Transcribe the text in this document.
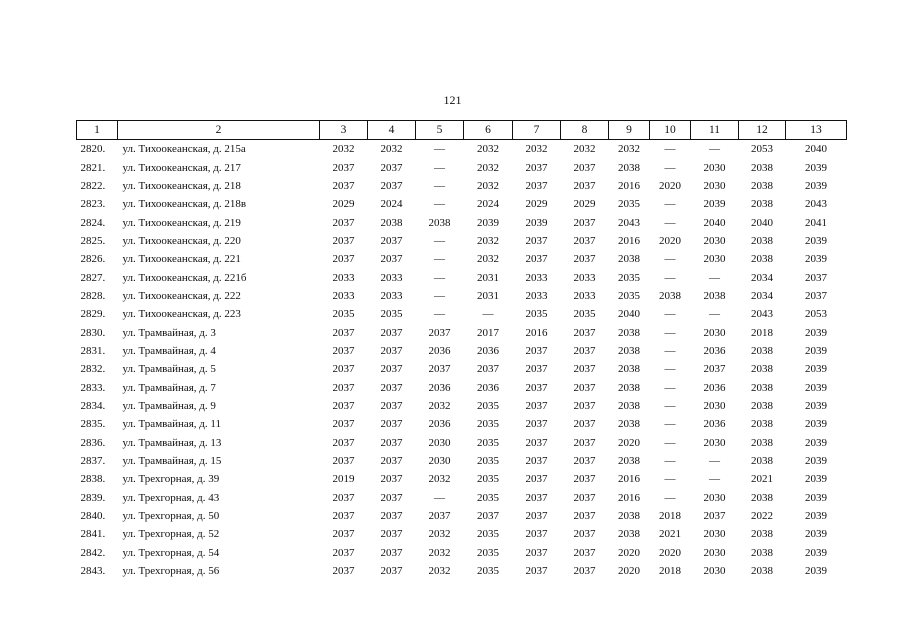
121
1	2	3	4	5	6	7	8	9	10	11	12	13
2820.	ул. Тихоокеанская, д. 215а	2032	2032	—	2032	2032	2032	2032	—	—	2053	2040
2821.	ул. Тихоокеанская, д. 217	2037	2037	—	2032	2037	2037	2038	—	2030	2038	2039
2822.	ул. Тихоокеанская, д. 218	2037	2037	—	2032	2037	2037	2016	2020	2030	2038	2039
2823.	ул. Тихоокеанская, д. 218в	2029	2024	—	2024	2029	2029	2035	—	2039	2038	2043
2824.	ул. Тихоокеанская, д. 219	2037	2038	2038	2039	2039	2037	2043	—	2040	2040	2041
2825.	ул. Тихоокеанская, д. 220	2037	2037	—	2032	2037	2037	2016	2020	2030	2038	2039
2826.	ул. Тихоокеанская, д. 221	2037	2037	—	2032	2037	2037	2038	—	2030	2038	2039
2827.	ул. Тихоокеанская, д. 221б	2033	2033	—	2031	2033	2033	2035	—	—	2034	2037
2828.	ул. Тихоокеанская, д. 222	2033	2033	—	2031	2033	2033	2035	2038	2038	2034	2037
2829.	ул. Тихоокеанская, д. 223	2035	2035	—	—	2035	2035	2040	—	—	2043	2053
2830.	ул. Трамвайная, д. 3	2037	2037	2037	2017	2016	2037	2038	—	2030	2018	2039
2831.	ул. Трамвайная, д. 4	2037	2037	2036	2036	2037	2037	2038	—	2036	2038	2039
2832.	ул. Трамвайная, д. 5	2037	2037	2037	2037	2037	2037	2038	—	2037	2038	2039
2833.	ул. Трамвайная, д. 7	2037	2037	2036	2036	2037	2037	2038	—	2036	2038	2039
2834.	ул. Трамвайная, д. 9	2037	2037	2032	2035	2037	2037	2038	—	2030	2038	2039
2835.	ул. Трамвайная, д. 11	2037	2037	2036	2035	2037	2037	2038	—	2036	2038	2039
2836.	ул. Трамвайная, д. 13	2037	2037	2030	2035	2037	2037	2020	—	2030	2038	2039
2837.	ул. Трамвайная, д. 15	2037	2037	2030	2035	2037	2037	2038	—	—	2038	2039
2838.	ул. Трехгорная, д. 39	2019	2037	2032	2035	2037	2037	2016	—	—	2021	2039
2839.	ул. Трехгорная, д. 43	2037	2037	—	2035	2037	2037	2016	—	2030	2038	2039
2840.	ул. Трехгорная, д. 50	2037	2037	2037	2037	2037	2037	2038	2018	2037	2022	2039
2841.	ул. Трехгорная, д. 52	2037	2037	2032	2035	2037	2037	2038	2021	2030	2038	2039
2842.	ул. Трехгорная, д. 54	2037	2037	2032	2035	2037	2037	2020	2020	2030	2038	2039
2843.	ул. Трехгорная, д. 56	2037	2037	2032	2035	2037	2037	2020	2018	2030	2038	2039
